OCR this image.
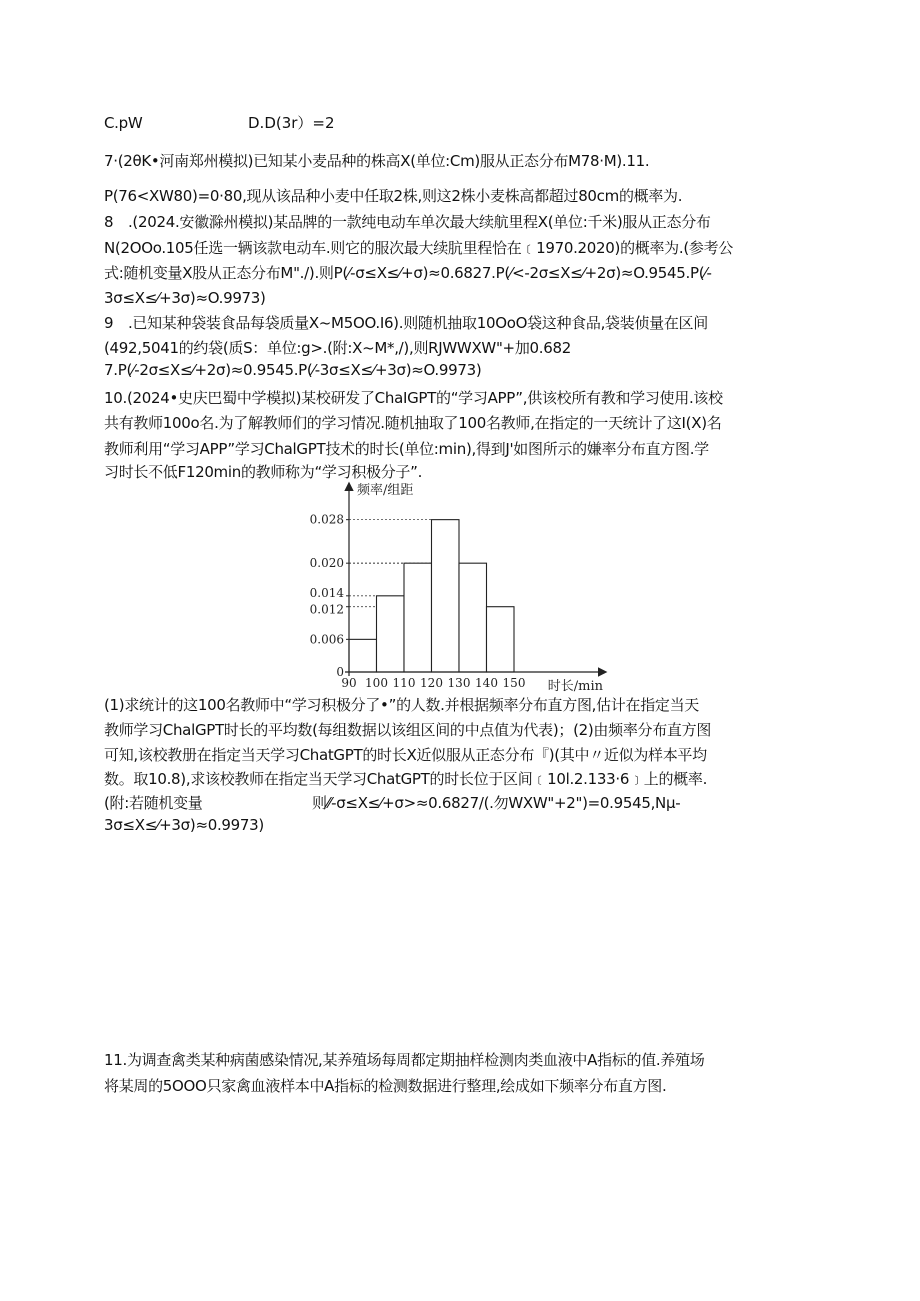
C.pW	D.D(3r）=2
7·(2θK•河南郑州模拟)已知某小麦品种的株高X(单位:Cm)服从正态分布M78·M).11.
P(76<XW80)=0·80,现从该品种小麦中任取2株,则这2株小麦株高都超过80cm的概率为.
8　.(2024.安徽滁州模拟)某品牌的一款纯电动车单次最大续航里程X(单位:千米)服从正态分布
N(2OOo.105任选一辆该款电动车.则它的服次最大续肮里程恰在﹝1970.2020)的概率为.(参考公
式:随机变量X股从正态分布M"./).则P(⁄-σ≤X≤⁄+σ)≈0.6827.P(⁄<-2σ≤X≤⁄+2σ)≈O.9545.P(⁄-
3σ≤X≤⁄+3σ)≈O.9973)
9　.已知某种袋装食品每袋质量X~M5OO.I6).则随机抽取10OoO袋这种食品,袋装侦量在区间
(492,5041的约袋(质S：单位:g>.(附:X~M*,/),则RJWWXW"+加0.682
7.P(⁄-2σ≤X≤⁄+2σ)≈0.9545.P(⁄-3σ≤X≤⁄+3σ)≈O.9973)
10.(2024•史庆巴蜀中学模拟)某校研发了ChaIGPT的“学习APP”,供该校所有教和学习使用.该校
共有教师100o名.为了解教师们的学习情况.随机抽取了100名教师,在指定的一天统计了这I(X)名
教师利用“学习APP”学习ChalGPT技术的时长(单位:min),得到J'如图所示的嫌率分布直方图.学
习时长不低F120min的教师称为“学习积极分子”.
频率/组距
时长/min
90 100 110 120 130 140 150
0
0.006
0.012
0.014
0.020
0.028
(1)求统计的这100名教师中“学习积极分了•”的人数.并根据频率分布直方图,估计在指定当天
教师学习ChalGPT时长的平均数(每组数据以该组区间的中点值为代表)；(2)由频率分布直方图
可知,该校教册在指定当天学习ChatGPT的时长X近似服从正态分布『)(其中〃近似为样本平均
数。取10.8),求该校教师在指定当天学习ChatGPT的时长位于区间﹝10l.2.133·6﹞上的概率.
(附:若随机变量	则⁄⁄-σ≤X≤⁄+σ>≈0.6827/(.勿WXW"+2")=0.9545,Nμ-
3σ≤X≤⁄+3σ)≈0.9973)
11.为调查禽类某种病菌感染情况,某养殖场每周都定期抽样检测肉类血液中A指标的值.养殖场
将某周的5OOO只家禽血液样本中A指标的检测数据进行整理,绘成如下频率分布直方图.
